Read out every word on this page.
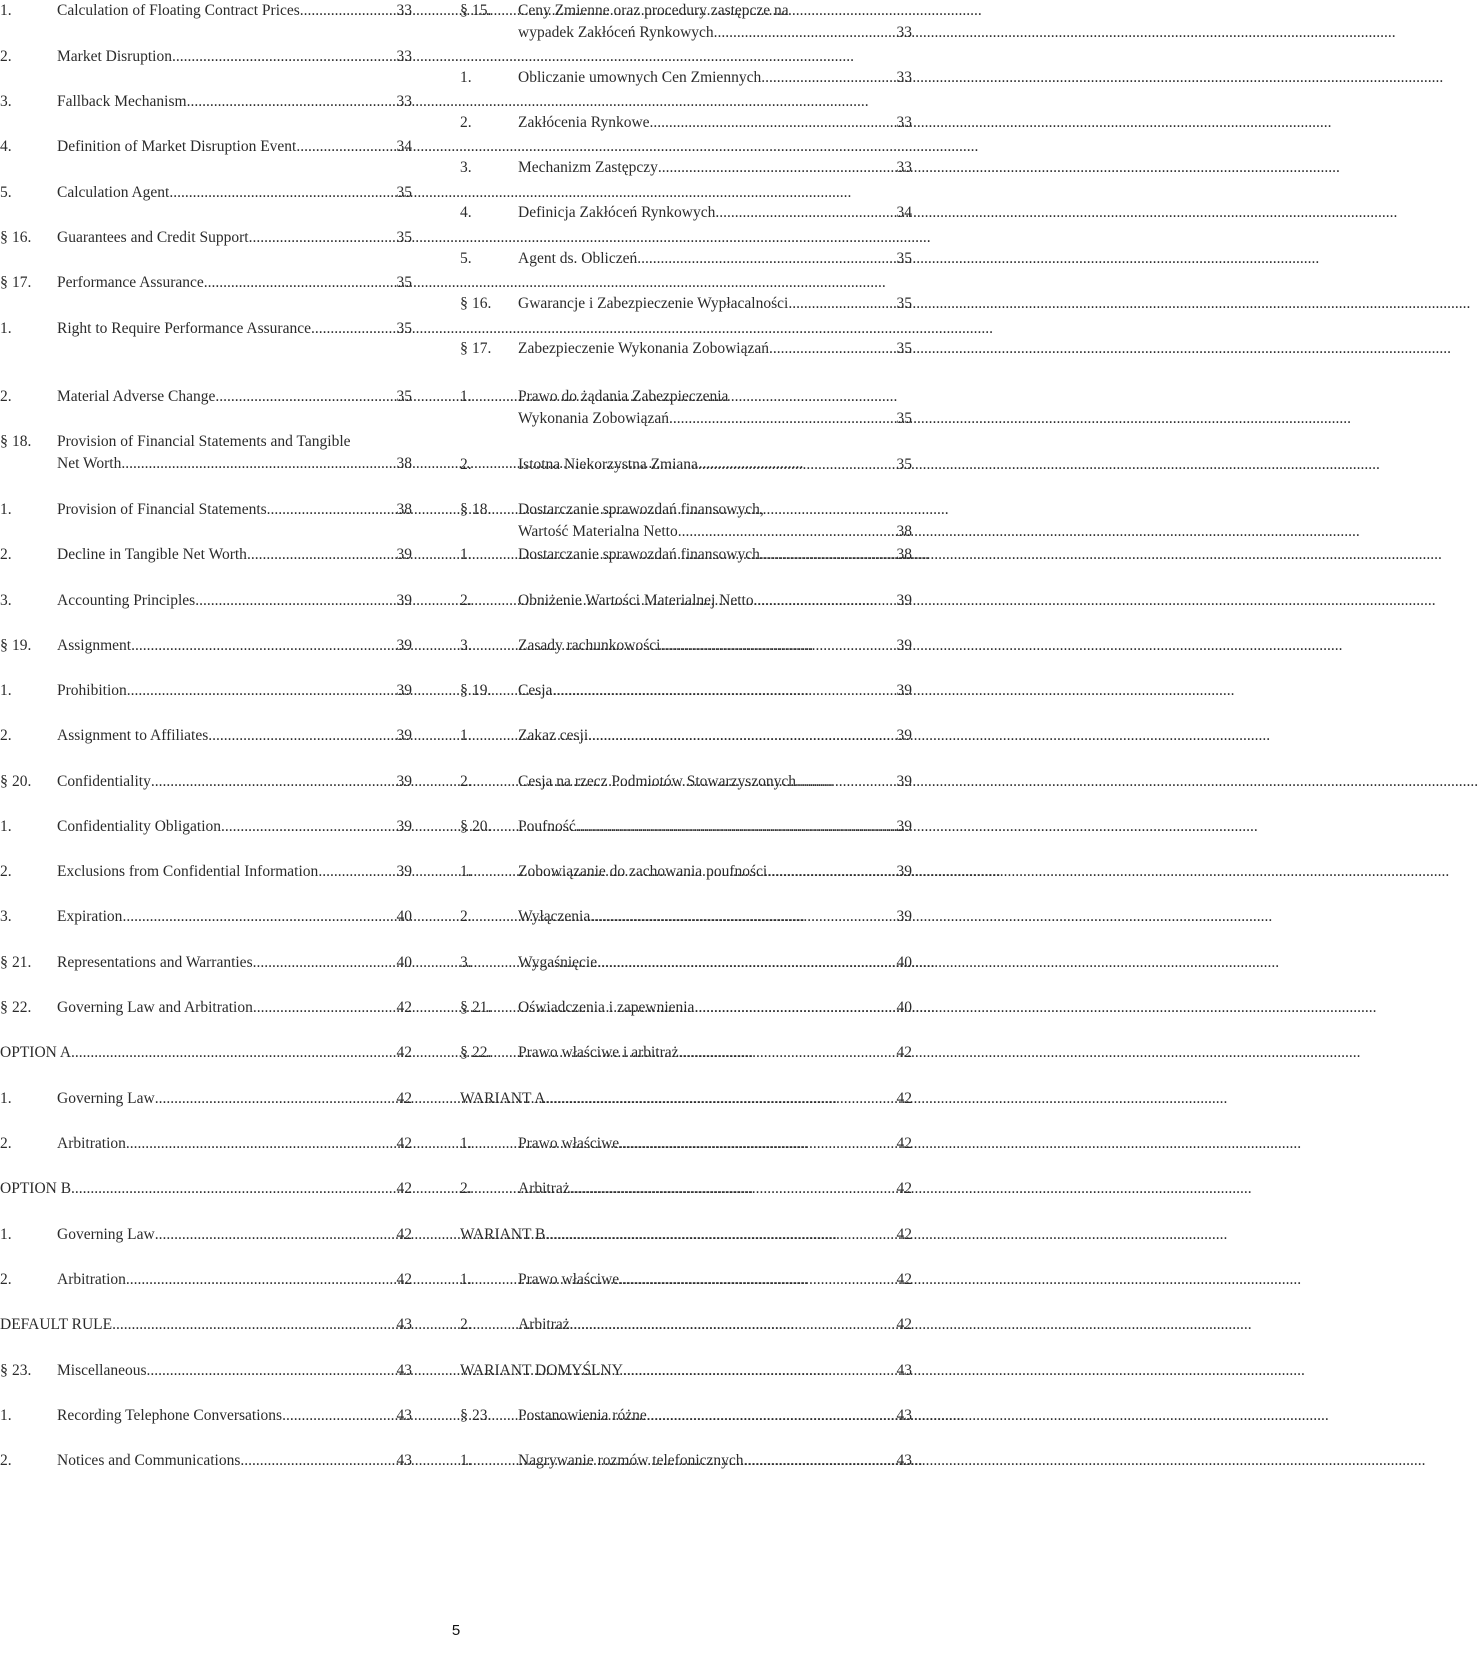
1.	Calculation of Floating Contract Prices .....	33
2.	Market Disruption .....	33
3.	Fallback Mechanism .....	33
4.	Definition of Market Disruption Event .....	34
5.	Calculation Agent .....	35
§ 16.	Guarantees and Credit Support .....	35
§ 17.	Performance Assurance .....	35
1.	Right to Require Performance Assurance .....	35
2.	Material Adverse Change .....	35
§ 18.	Provision of Financial Statements and Tangible
Net Worth .....	38
1.	Provision of Financial Statements .....	38
2.	Decline in Tangible Net Worth .....	39
3.	Accounting Principles .....	39
§ 19.	Assignment .....	39
1.	Prohibition .....	39
2.	Assignment to Affiliates .....	39
§ 20.	Confidentiality .....	39
1.	Confidentiality Obligation .....	39
2.	Exclusions from Confidential Information .....	39
3.	Expiration .....	40
§ 21.	Representations and Warranties .....	40
§ 22.	Governing Law and Arbitration .....	42
OPTION A .....	42
1.	Governing Law .....	42
2.	Arbitration .....	42
OPTION B .....	42
1.	Governing Law .....	42
2.	Arbitration .....	42
DEFAULT RULE .....	43
§ 23.	Miscellaneous .....	43
1.	Recording Telephone Conversations .....	43
2.	Notices and Communications .....	43
§ 15.	Ceny Zmienne oraz procedury zastępcze na
wypadek Zakłóceń Rynkowych .....	33
1.	Obliczanie umownych Cen Zmiennych .....	33
2.	Zakłócenia Rynkowe .....	33
3.	Mechanizm Zastępczy .....	33
4.	Definicja Zakłóceń Rynkowych .....	34
5.	Agent ds. Obliczeń .....	35
§ 16.	Gwarancje i Zabezpieczenie Wypłacalności .....	35
§ 17.	Zabezpieczenie Wykonania Zobowiązań .....	35
1.	Prawo do żądania Zabezpieczenia
Wykonania Zobowiązań .....	35
2.	Istotna Niekorzystna Zmiana .....	35
§ 18.	Dostarczanie sprawozdań finansowych,
Wartość Materialna Netto .....	38
1.	Dostarczanie sprawozdań finansowych .....	38
2.	Obniżenie Wartości Materialnej Netto .....	39
3.	Zasady rachunkowości .....	39
§ 19.	Cesja .....	39
1.	Zakaz cesji .....	39
2.	Cesja na rzecz Podmiotów Stowarzyszonych .....	39
§ 20.	Poufność .....	39
1.	Zobowiązanie do zachowania poufności .....	39
2.	Wyłączenia .....	39
3.	Wygaśnięcie .....	40
§ 21.	Oświadczenia i zapewnienia .....	40
§ 22.	Prawo właściwe i arbitraż .....	42
WARIANT A .....	42
1.	Prawo właściwe .....	42
2.	Arbitraż .....	42
WARIANT B .....	42
1.	Prawo właściwe .....	42
2.	Arbitraż .....	42
WARIANT DOMYŚLNY .....	43
§ 23.	Postanowienia różne .....	43
1.	Nagrywanie rozmów telefonicznych .....	43
5
